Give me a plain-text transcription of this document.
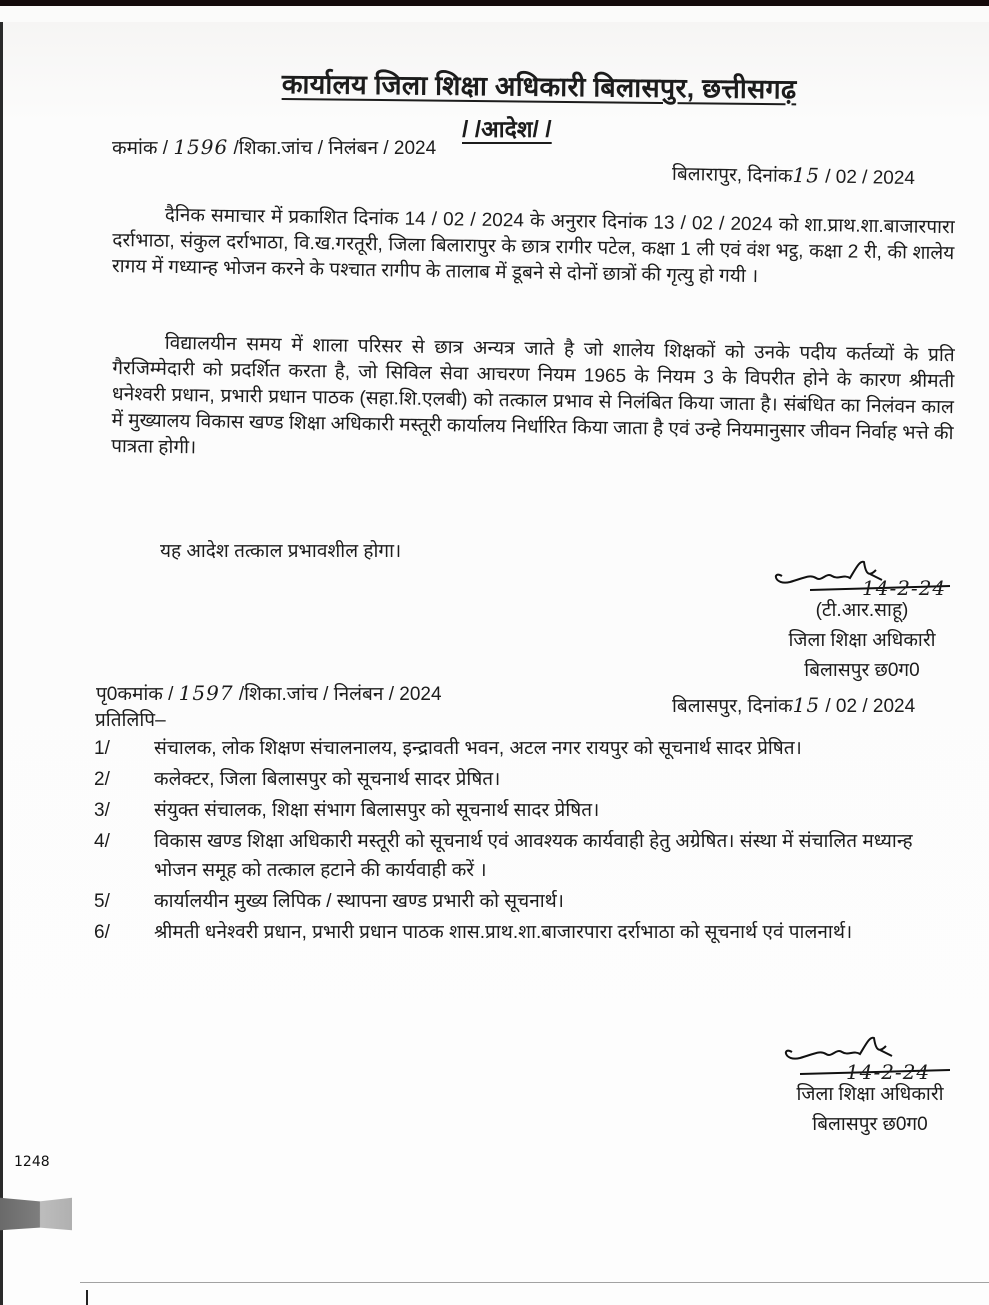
कार्यालय जिला शिक्षा अधिकारी बिलासपुर, छत्तीसगढ़
/ /आदेश/ /
कमांक / 1596 /शिका.जांच / निलंबन / 2024
बिलारापुर, दिनांक15 / 02 / 2024

दैनिक समाचार में प्रकाशित दिनांक 14 / 02 / 2024 के अनुरार दिनांक 13 / 02 / 2024 को शा.प्राथ.शा.बाजारपारा दर्राभाठा, संकुल दर्राभाठा, वि.ख.गरतूरी, जिला बिलारापुर के छात्र रागीर पटेल, कक्षा 1 ली एवं वंश भट्ठ, कक्षा 2 री, की शालेय रागय में गध्यान्ह भोजन करने के पश्चात रागीप के तालाब में डूबने से दोनों छात्रों की गृत्यु हो गयी ।

विद्यालयीन समय में शाला परिसर से छात्र अन्यत्र जाते है जो शालेय शिक्षकों को उनके पदीय कर्तव्यों के प्रति गैरजिम्मेदारी को प्रदर्शित करता है, जो सिविल सेवा आचरण नियम 1965 के नियम 3 के विपरीत होने के कारण श्रीमती धनेश्वरी प्रधान, प्रभारी प्रधान पाठक (सहा.शि.एलबी) को तत्काल प्रभाव से निलंबित किया जाता है। संबंधित का निलंवन काल में मुख्यालय विकास खण्ड शिक्षा अधिकारी मस्तूरी कार्यालय निर्धारित किया जाता है एवं उन्हे नियमानुसार जीवन निर्वाह भत्ते की पात्रता होगी।

यह आदेश तत्काल प्रभावशील होगा।
14-2-24
(टी.आर.साहू)
जिला शिक्षा अधिकारी
बिलासपुर छ0ग0
पृ0कमांक / 1597 /शिका.जांच / निलंबन / 2024
बिलासपुर, दिनांक15 / 02 / 2024
प्रतिलिपि–
1/	संचालक, लोक शिक्षण संचालनालय, इन्द्रावती भवन, अटल नगर रायपुर को सूचनार्थ सादर प्रेषित।
2/	कलेक्टर, जिला बिलासपुर को सूचनार्थ सादर प्रेषित।
3/	संयुक्त संचालक, शिक्षा संभाग बिलासपुर को सूचनार्थ सादर प्रेषित।
4/	विकास खण्ड शिक्षा अधिकारी मस्तूरी को सूचनार्थ एवं आवश्यक कार्यवाही हेतु अग्रेषित। संस्था में संचालित मध्यान्ह भोजन समूह को तत्काल हटाने की कार्यवाही करें ।
5/	कार्यालयीन मुख्य लिपिक / स्थापना खण्ड प्रभारी को सूचनार्थ।
6/	श्रीमती धनेश्वरी प्रधान, प्रभारी प्रधान पाठक शास.प्राथ.शा.बाजारपारा दर्राभाठा को सूचनार्थ एवं पालनार्थ।
14-2-24
जिला शिक्षा अधिकारी
बिलासपुर छ0ग0
1248
